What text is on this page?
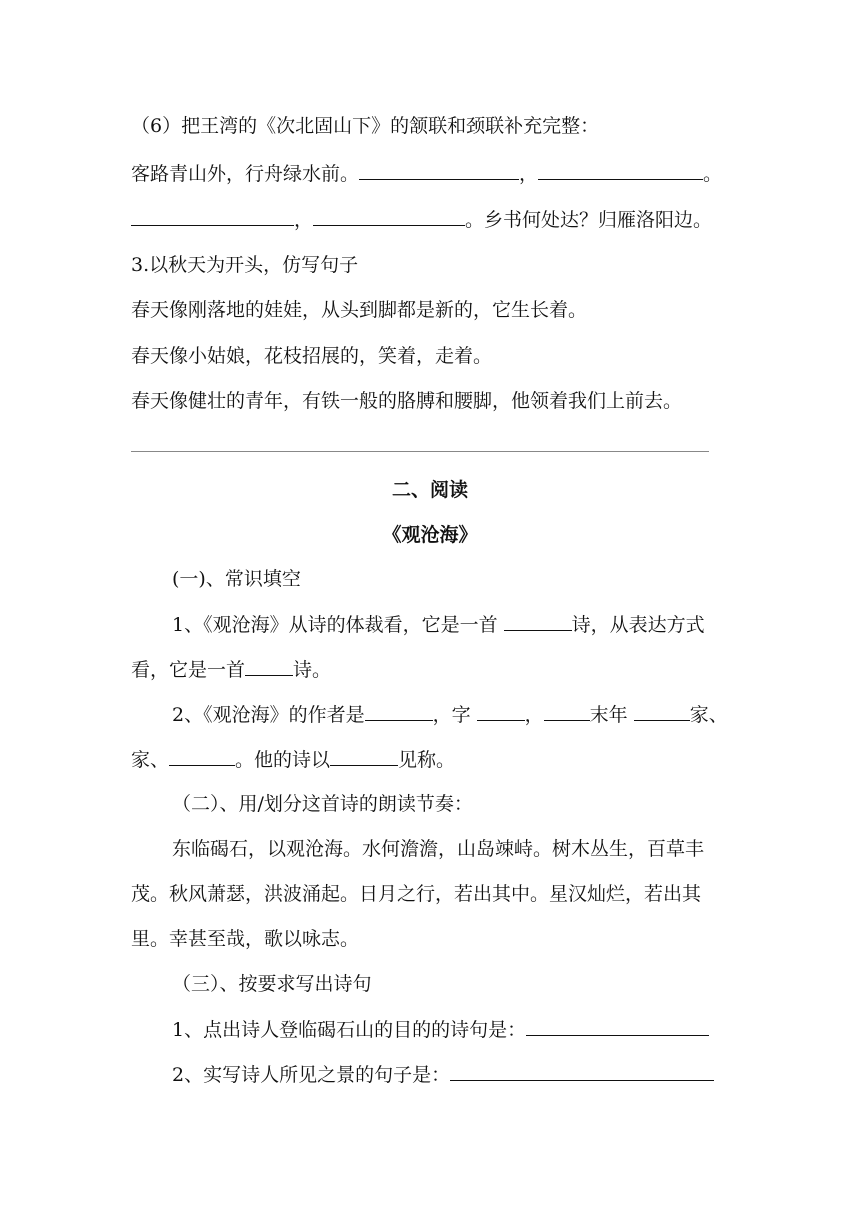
（6）把王湾的《次北固山下》的颔联和颈联补充完整：
客路青山外，行舟绿水前。	，	。
，	。乡书何处达？归雁洛阳边。
3.以秋天为开头，仿写句子
春天像刚落地的娃娃，从头到脚都是新的，它生长着。
春天像小姑娘，花枝招展的，笑着，走着。
春天像健壮的青年，有铁一般的胳膊和腰脚，他领着我们上前去。
二、阅读
《观沧海》
(一)、常识填空
1、《观沧海》从诗的体裁看，它是一首	诗，从表达方式
看，它是一首	诗。
2、《观沧海》的作者是	，字	， 末年	家、
家、	。他的诗以	见称。
（二）、用/划分这首诗的朗读节奏：
东临碣石，以观沧海。水何澹澹，山岛竦峙。树木丛生，百草丰
茂。秋风萧瑟，洪波涌起。日月之行，若出其中。星汉灿烂，若出其
里。幸甚至哉，歌以咏志。
（三）、按要求写出诗句
1、点出诗人登临碣石山的目的的诗句是：
2、实写诗人所见之景的句子是：
